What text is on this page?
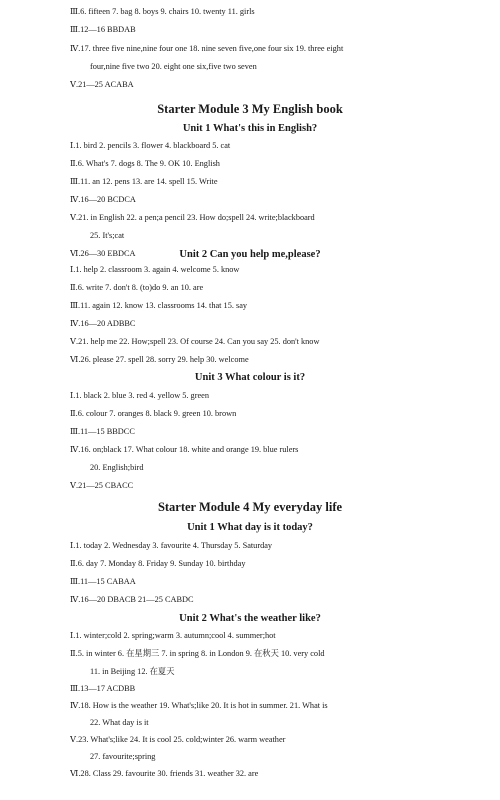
Ⅲ.6. fifteen 7. bag 8. boys 9. chairs 10. twenty 11. girls
Ⅲ.12—16 BBDAB
Ⅳ.17. three five nine,nine four one 18. nine seven five,one four six 19. three eight
four,nine five two 20. eight one six,five two seven
Ⅴ.21—25 ACABA
Starter Module 3 My English book
Unit 1 What's this in English?
Ⅰ.1. bird 2. pencils 3. flower 4. blackboard 5. cat
Ⅱ.6. What's 7. dogs 8. The 9. OK 10. English
Ⅲ.11. an 12. pens 13. are 14. spell 15. Write
Ⅳ.16—20 BCDCA
Ⅴ.21. in English 22. a pen;a pencil 23. How do;spell 24. write;blackboard
25. It's;cat
Ⅵ.26—30 EBDCA	Unit 2 Can you help me,please?
Ⅰ.1. help 2. classroom 3. again 4. welcome 5. know
Ⅱ.6. write 7. don't 8. (to)do 9. an 10. are
Ⅲ.11. again 12. know 13. classrooms 14. that 15. say
Ⅳ.16—20 ADBBC
Ⅴ.21. help me 22. How;spell 23. Of course 24. Can you say 25. don't know
Ⅵ.26. please 27. spell 28. sorry 29. help 30. welcome
Unit 3 What colour is it?
Ⅰ.1. black 2. blue 3. red 4. yellow 5. green
Ⅱ.6. colour 7. oranges 8. black 9. green 10. brown
Ⅲ.11—15 BBDCC
Ⅳ.16. on;black 17. What colour 18. white and orange 19. blue rulers
20. English;bird
Ⅴ.21—25 CBACC
Starter Module 4 My everyday life
Unit 1 What day is it today?
Ⅰ.1. today 2. Wednesday 3. favourite 4. Thursday 5. Saturday
Ⅱ.6. day 7. Monday 8. Friday 9. Sunday 10. birthday
Ⅲ.11—15 CABAA
Ⅳ.16—20 DBACB 21—25 CABDC
Unit 2 What's the weather like?
Ⅰ.1. winter;cold 2. spring;warm 3. autumn;cool 4. summer;hot
Ⅱ.5. in winter 6. 在星期三 7. in spring 8. in London 9. 在秋天 10. very cold
11. in Beijing 12. 在夏天
Ⅲ.13—17 ACDBB
Ⅳ.18. How is the weather 19. What's;like 20. It is hot in summer. 21. What is
22. What day is it
Ⅴ.23. What's;like 24. It is cool 25. cold;winter 26. warm weather
27. favourite;spring
Ⅵ.28. Class 29. favourite 30. friends 31. weather 32. are
